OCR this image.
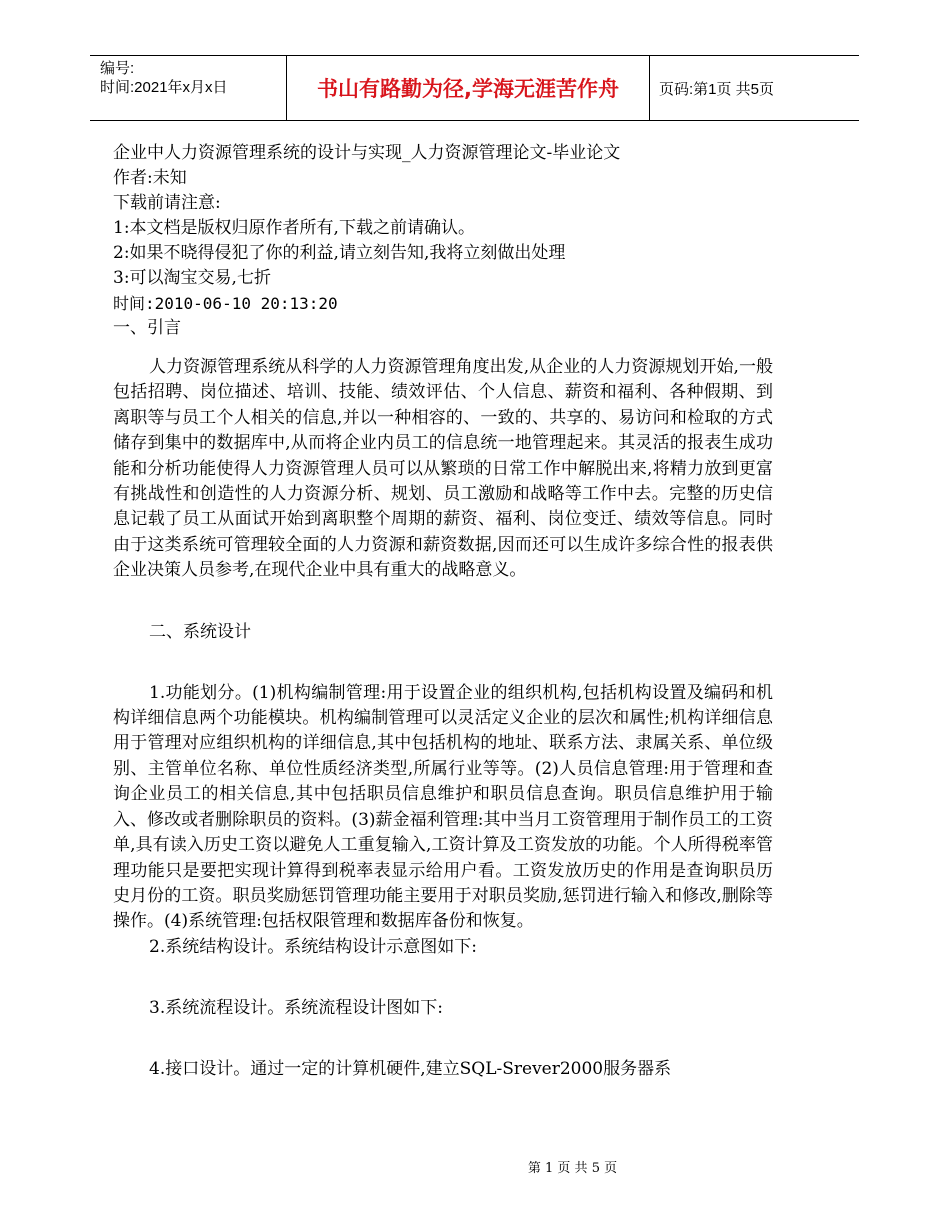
编号:
时间:2021年x月x日	书山有路勤为径,学海无涯苦作舟	页码:第1页 共5页
企业中人力资源管理系统的设计与实现_人力资源管理论文-毕业论文
作者:未知
下载前请注意:
1:本文档是版权归原作者所有,下载之前请确认。
2:如果不晓得侵犯了你的利益,请立刻告知,我将立刻做出处理
3:可以淘宝交易,七折
时间:2010-06-10 20:13:20
一、引言

人力资源管理系统从科学的人力资源管理角度出发,从企业的人力资源规划开始,一般包括招聘、岗位描述、培训、技能、绩效评估、个人信息、薪资和福利、各种假期、到离职等与员工个人相关的信息,并以一种相容的、一致的、共享的、易访问和检取的方式储存到集中的数据库中,从而将企业内员工的信息统一地管理起来。其灵活的报表生成功能和分析功能使得人力资源管理人员可以从繁琐的日常工作中解脱出来,将精力放到更富有挑战性和创造性的人力资源分析、规划、员工激励和战略等工作中去。完整的历史信息记载了员工从面试开始到离职整个周期的薪资、福利、岗位变迁、绩效等信息。同时由于这类系统可管理较全面的人力资源和薪资数据,因而还可以生成许多综合性的报表供企业决策人员参考,在现代企业中具有重大的战略意义。

二、系统设计

1.功能划分。(1)机构编制管理:用于设置企业的组织机构,包括机构设置及编码和机构详细信息两个功能模块。机构编制管理可以灵活定义企业的层次和属性;机构详细信息用于管理对应组织机构的详细信息,其中包括机构的地址、联系方法、隶属关系、单位级别、主管单位名称、单位性质经济类型,所属行业等等。(2)人员信息管理:用于管理和查询企业员工的相关信息,其中包括职员信息维护和职员信息查询。职员信息维护用于输入、修改或者删除职员的资料。(3)薪金福利管理:其中当月工资管理用于制作员工的工资单,具有读入历史工资以避免人工重复输入,工资计算及工资发放的功能。个人所得税率管理功能只是要把实现计算得到税率表显示给用户看。工资发放历史的作用是查询职员历史月份的工资。职员奖励惩罚管理功能主要用于对职员奖励,惩罚进行输入和修改,删除等操作。(4)系统管理:包括权限管理和数据库备份和恢复。

2.系统结构设计。系统结构设计示意图如下:
3.系统流程设计。系统流程设计图如下:
4.接口设计。通过一定的计算机硬件,建立SQL-Srever2000服务器系
第 1 页 共 5 页
